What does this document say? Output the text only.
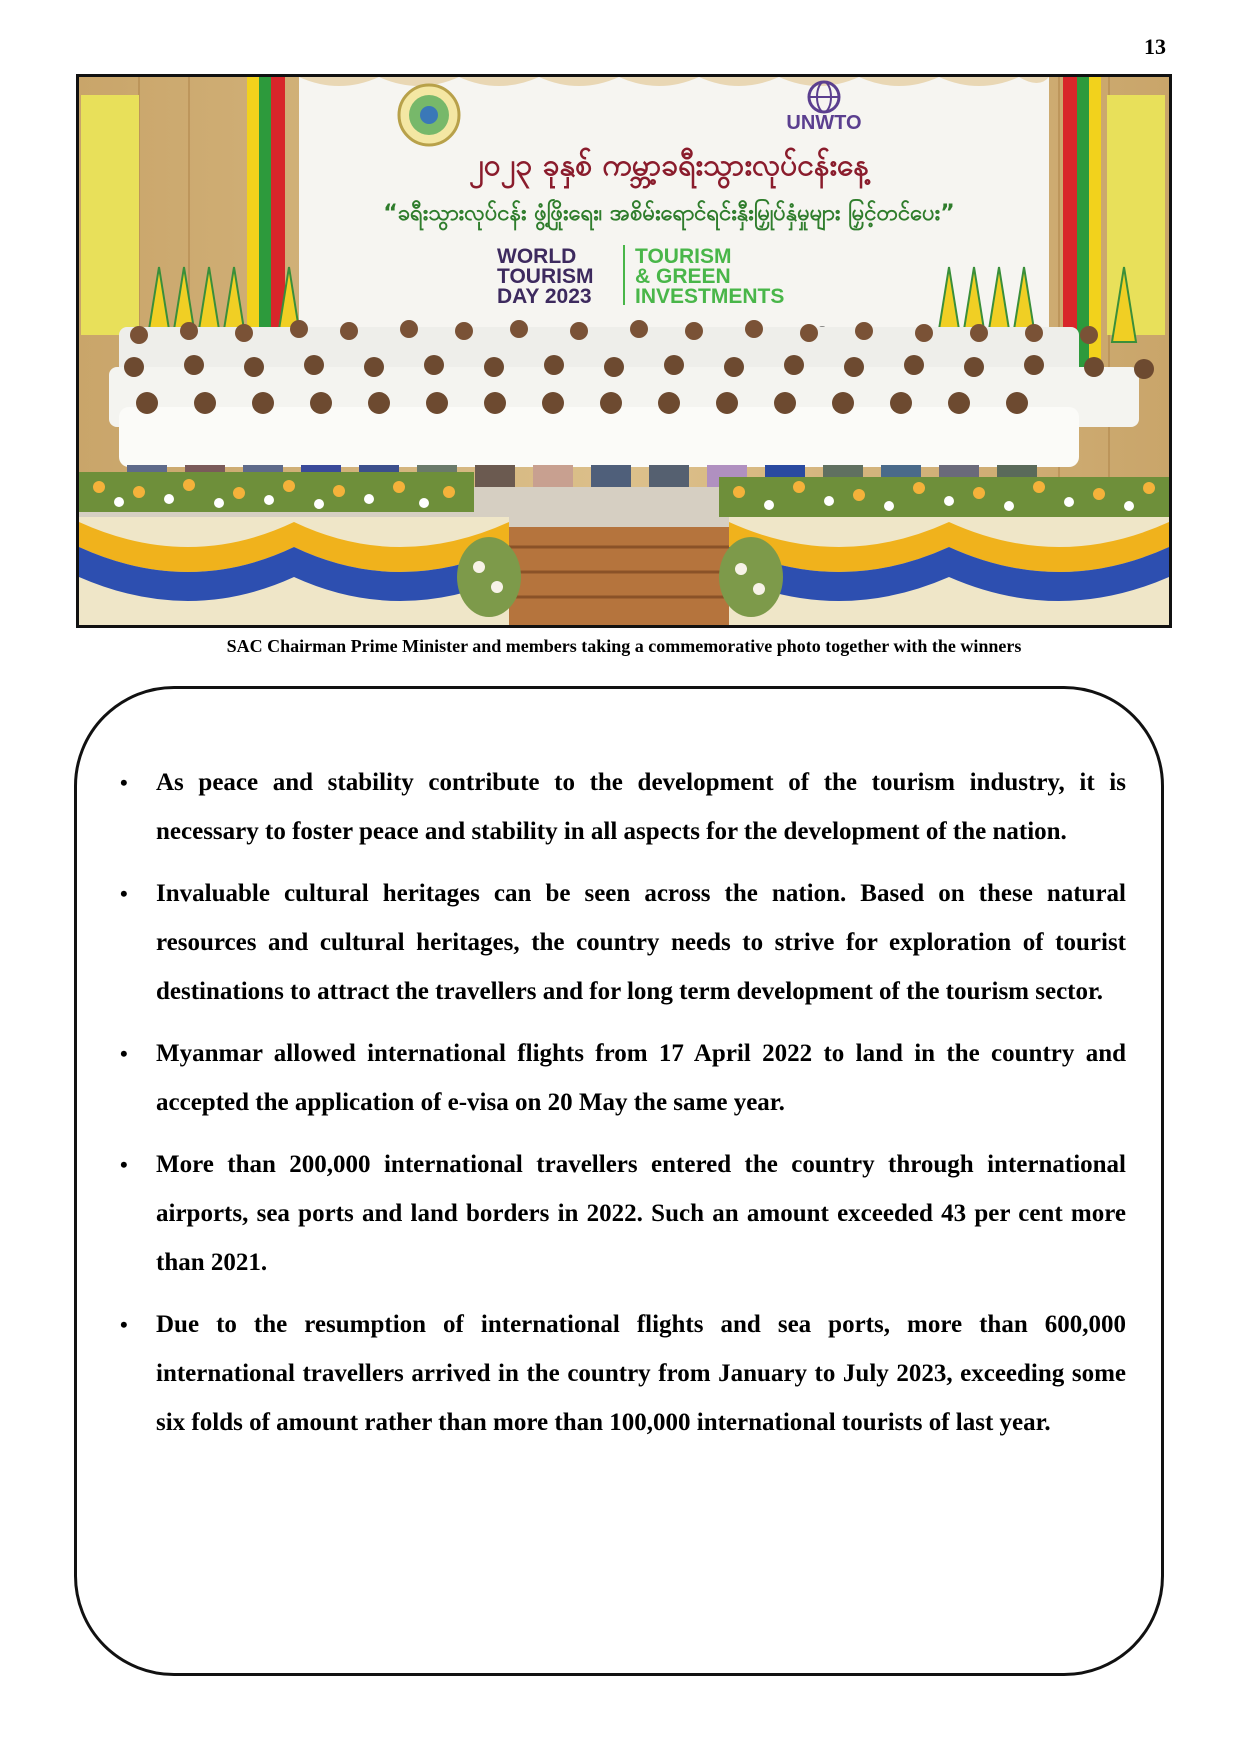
13
UNWTO
၂၀၂၃ ခုနှစ် ကမ္ဘာ့ခရီးသွားလုပ်ငန်းနေ့
“ခရီးသွားလုပ်ငန်း ဖွံ့ဖြိုးရေး၊ အစိမ်းရောင်ရင်းနှီးမြှုပ်နှံမှုများ မြှင့်တင်ပေး”
WORLD
TOURISM
DAY 2023
TOURISM
& GREEN
INVESTMENTS
SAC Chairman Prime Minister and members taking a commemorative photo together with the winners
• As peace and stability contribute to the development of the tourism industry, it is necessary to foster peace and stability in all aspects for the development of the nation.
• Invaluable cultural heritages can be seen across the nation. Based on these natural resources and cultural heritages, the country needs to strive for exploration of tourist destinations to attract the travellers and for long term development of the tourism sector.
• Myanmar allowed international flights from 17 April 2022 to land in the country and accepted the application of e-visa on 20 May the same year.
• More than 200,000 international travellers entered the country through international airports, sea ports and land borders in 2022. Such an amount exceeded 43 per cent more than 2021.
• Due to the resumption of international flights and sea ports, more than 600,000 international travellers arrived in the country from January to July 2023, exceeding some six folds of amount rather than more than 100,000 international tourists of last year.
